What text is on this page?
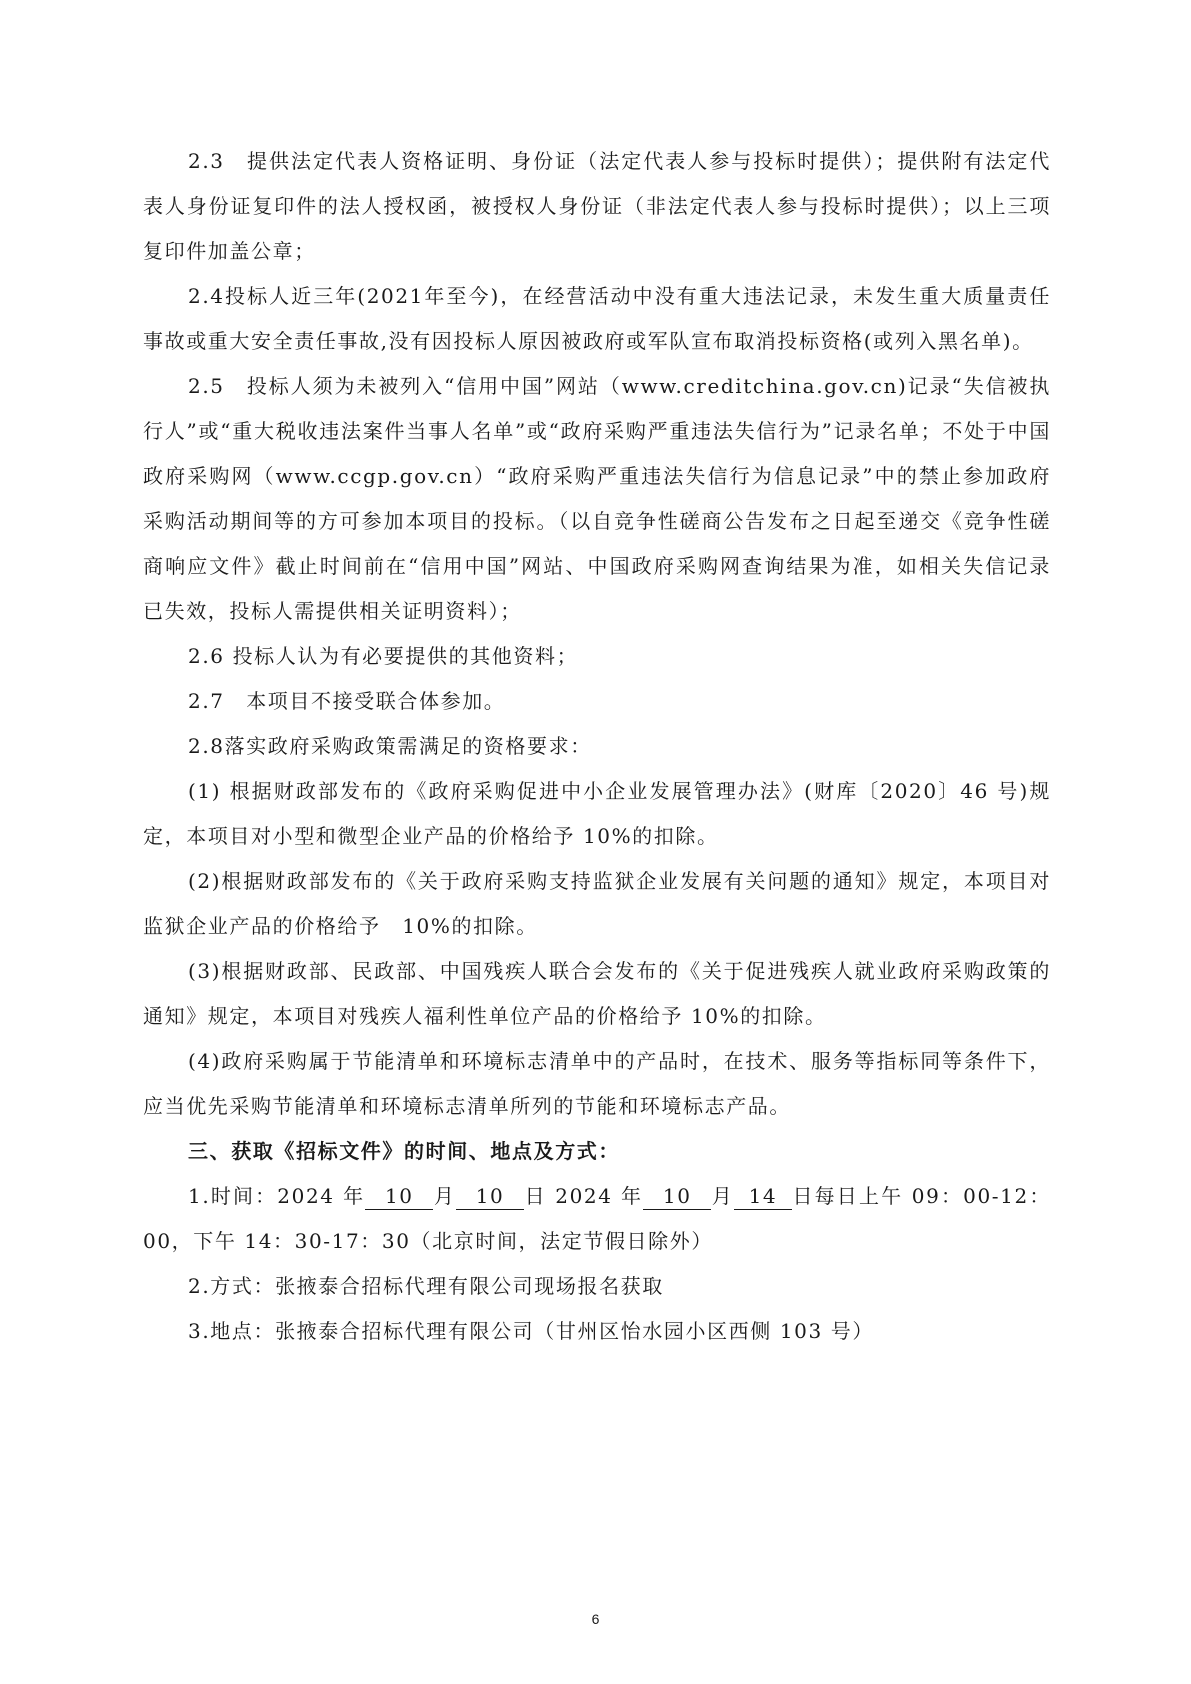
2.3　提供法定代表人资格证明、身份证（法定代表人参与投标时提供）；提供附有法定代表人身份证复印件的法人授权函，被授权人身份证（非法定代表人参与投标时提供）；以上三项复印件加盖公章；

2.4投标人近三年(2021年至今)，在经营活动中没有重大违法记录，未发生重大质量责任事故或重大安全责任事故,没有因投标人原因被政府或军队宣布取消投标资格(或列入黑名单)。

2.5　投标人须为未被列入“信用中国”网站（www.creditchina.gov.cn)记录“失信被执行人”或“重大税收违法案件当事人名单”或“政府采购严重违法失信行为”记录名单；不处于中国政府采购网（www.ccgp.gov.cn）“政府采购严重违法失信行为信息记录”中的禁止参加政府采购活动期间等的方可参加本项目的投标。（以自竞争性磋商公告发布之日起至递交《竞争性磋商响应文件》截止时间前在“信用中国”网站、中国政府采购网查询结果为准，如相关失信记录已失效，投标人需提供相关证明资料）；

2.6 投标人认为有必要提供的其他资料；

2.7　本项目不接受联合体参加。

2.8落实政府采购政策需满足的资格要求：

(1) 根据财政部发布的《政府采购促进中小企业发展管理办法》(财库〔2020〕46 号)规定，本项目对小型和微型企业产品的价格给予 10%的扣除。

(2)根据财政部发布的《关于政府采购支持监狱企业发展有关问题的通知》规定，本项目对监狱企业产品的价格给予　10%的扣除。

(3)根据财政部、民政部、中国残疾人联合会发布的《关于促进残疾人就业政府采购政策的通知》规定，本项目对残疾人福利性单位产品的价格给予 10%的扣除。

(4)政府采购属于节能清单和环境标志清单中的产品时，在技术、服务等指标同等条件下，应当优先采购节能清单和环境标志清单所列的节能和环境标志产品。

三、获取《招标文件》的时间、地点及方式：

1.时间：2024 年 10 月 10 日 2024 年 10 月 14 日每日上午 09：00-12：00，下午 14：30-17：30（北京时间，法定节假日除外）

2.方式：张掖泰合招标代理有限公司现场报名获取

3.地点：张掖泰合招标代理有限公司（甘州区怡水园小区西侧 103 号）

6
